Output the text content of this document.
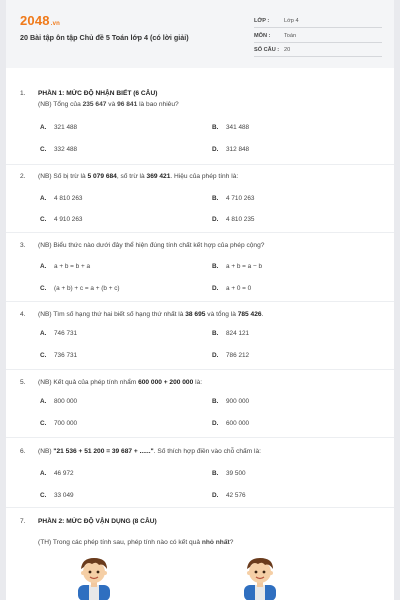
2048.vn
20 Bài tập ôn tập Chủ đề 5 Toán lớp 4 (có lời giải)
LỚP :	Lớp 4
MÔN : Toán
SỐ CÂU : 20
1. PHẦN 1: MỨC ĐỘ NHẬN BIẾT (6 CÂU)
(NB) Tổng của 235 647 và 96 841 là bao nhiêu?
A. 321 488	B. 341 488
C. 332 488	D. 312 848
2. (NB) Số bị trừ là 5 079 684, số trừ là 369 421. Hiệu của phép tính là:
A. 4 810 263	B. 4 710 263
C. 4 910 263	D. 4 810 235
3. (NB) Biểu thức nào dưới đây thể hiện đúng tính chất kết hợp của phép cộng?
A. a + b = b + a	B. a + b = a − b
C. (a + b) + c = a + (b + c)	D. a + 0 = 0
4. (NB) Tìm số hạng thứ hai biết số hạng thứ nhất là 38 695 và tổng là 785 426.
A. 746 731	B. 824 121
C. 736 731	D. 786 212
5. (NB) Kết quả của phép tính nhẩm 600 000 + 200 000 là:
A. 800 000	B. 900 000
C. 700 000	D. 600 000
6. (NB) "21 536 + 51 200 = 39 687 + ......". Số thích hợp điền vào chỗ chấm là:
A. 46 972	B. 39 500
C. 33 049	D. 42 576
7. PHẦN 2: MỨC ĐỘ VẬN DỤNG (8 CÂU)
(TH) Trong các phép tính sau, phép tính nào có kết quả nhỏ nhất?
